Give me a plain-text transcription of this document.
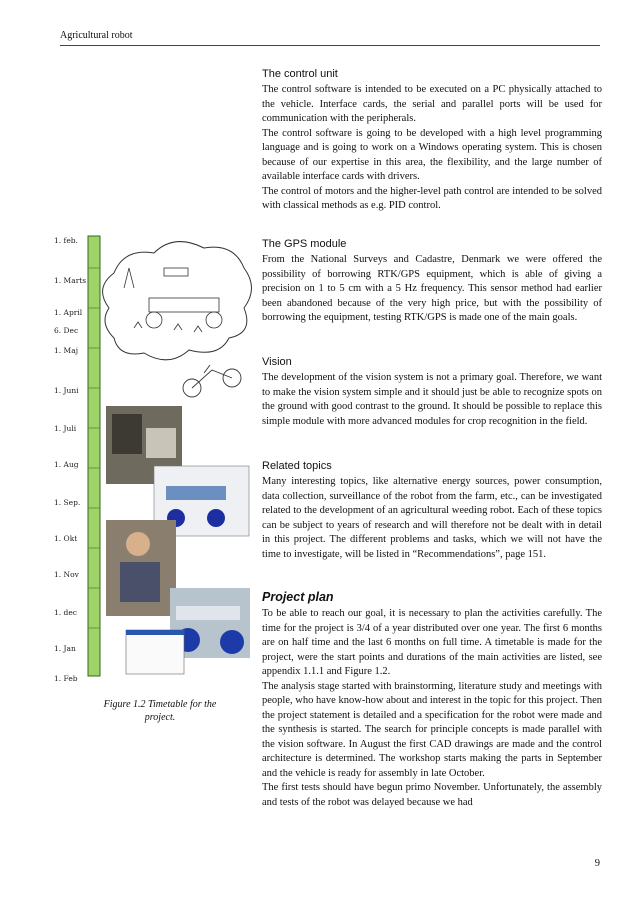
Agricultural robot
1. feb.
1. Marts
1. April
6. Dec
1. Maj
1. Juni
1. Juli
1. Aug
1. Sep.
1. Okt
1. Nov
1. dec
1. Jan
1. Feb
Figure 1.2 Timetable for the project.
The control unit

The control software is intended to be executed on a PC physically attached to the vehicle. Interface cards, the serial and parallel ports will be used for communication with the peripherals.

The control software is going to be developed with a high level programming language and is going to work on a Windows operating system. This is chosen because of our expertise in this area, the flexibility, and the large number of available interface cards with drivers.

The control of motors and the higher-level path control are intended to be solved with classical methods as e.g. PID control.

The GPS module

From the National Surveys and Cadastre, Denmark we were offered the possibility of borrowing RTK/GPS equipment, which is able of giving a precision on 1 to 5 cm with a 5 Hz frequency. This sensor method had earlier been abandoned because of the very high price, but with the possibility of borrowing the equipment, testing RTK/GPS is made one of the main goals.

Vision

The development of the vision system is not a primary goal. Therefore, we want to make the vision system simple and it should just be able to recognize spots on the ground with good contrast to the ground. It should be possible to replace this simple module with more advanced modules for crop recognition in the field.

Related topics

Many interesting topics, like alternative energy sources, power consumption, data collection, surveillance of the robot from the farm, etc., can be investigated related to the development of an agricultural weeding robot. Each of these topics can be subject to years of research and will therefore not be dealt with in detail in this project. The different problems and tasks, which we will not have the time to investigate, will be listed in “Recommendations”, page 151.

Project plan

To be able to reach our goal, it is necessary to plan the activities carefully. The time for the project is 3/4 of a year distributed over one year. The first 6 months are on half time and the last 6 months on full time. A timetable is made for the project, were the start points and durations of the main activities are listed, see appendix 1.1.1 and Figure 1.2.

The analysis stage started with brainstorming, literature study and meetings with people, who have know-how about and interest in the topic for this project. Then the project statement is detailed and a specification for the robot were made and the synthesis is started. The search for principle concepts is made parallel with the vision software. In August the first CAD drawings are made and the control architecture is determined. The workshop starts making the parts in September and the vehicle is ready for assembly in late October.

The first tests should have begun primo November. Unfortunately, the assembly and tests of the robot was delayed because we had

9
